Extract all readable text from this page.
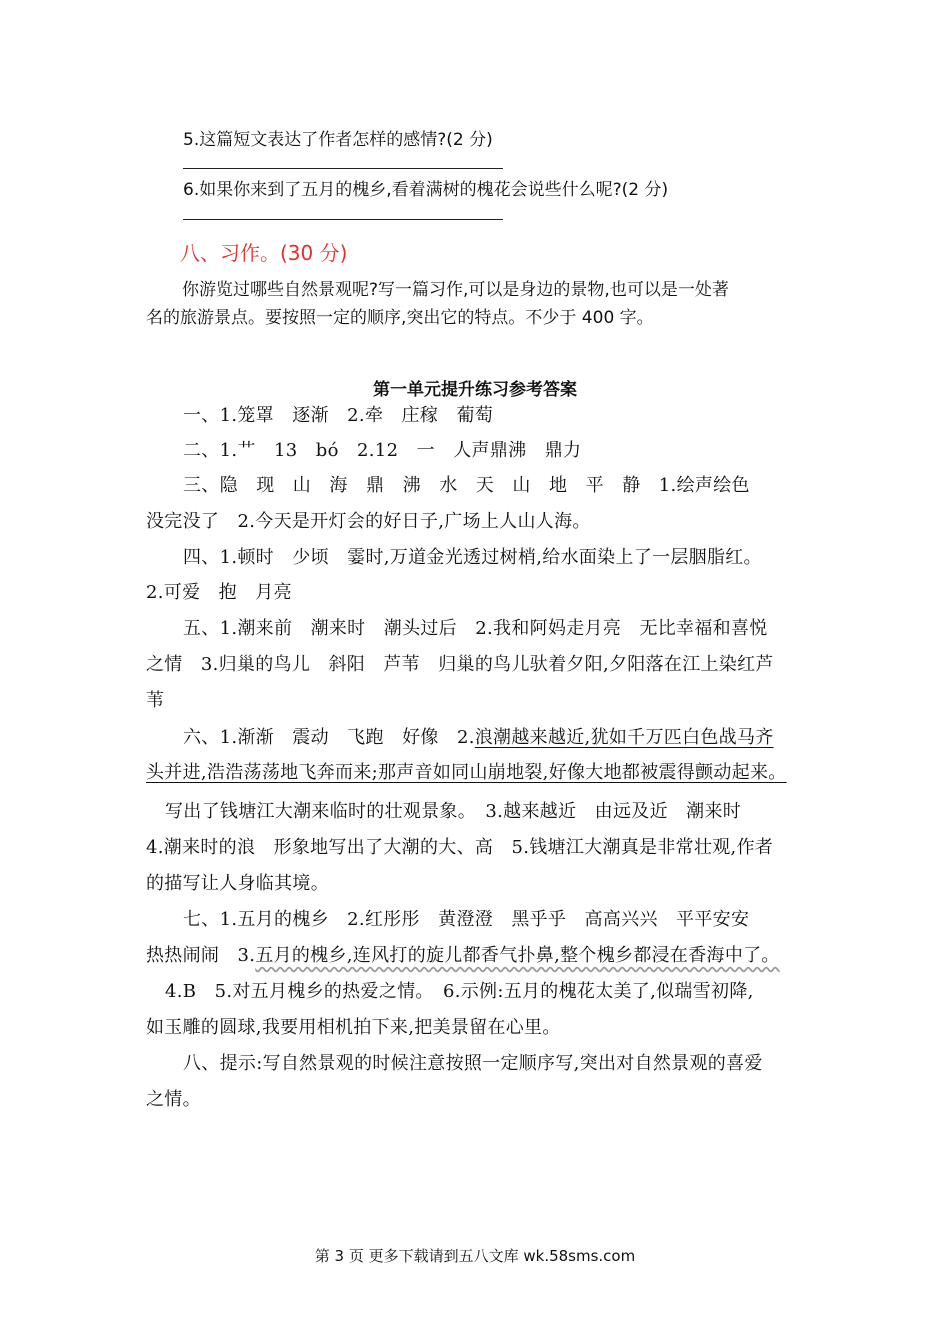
5.这篇短文表达了作者怎样的感情?(2 分)
6.如果你来到了五月的槐乡,看着满树的槐花会说些什么呢?(2 分)
八、习作。(30 分)
你游览过哪些自然景观呢?写一篇习作,可以是身边的景物,也可以是一处著
名的旅游景点。要按照一定的顺序,突出它的特点。不少于 400 字。
第一单元提升练习参考答案
一、1.笼罩　逐渐　2.牵　庄稼　葡萄
二、1.艹　13　bó　2.12　一　人声鼎沸　鼎力
三、隐　现　山　海　鼎　沸　水　天　山　地　平　静　1.绘声绘色
没完没了　2.今天是开灯会的好日子,广场上人山人海。
四、1.顿时　少顷　霎时,万道金光透过树梢,给水面染上了一层胭脂红。
2.可爱　抱　月亮
五、1.潮来前　潮来时　潮头过后　2.我和阿妈走月亮　无比幸福和喜悦
之情　3.归巢的鸟儿　斜阳　芦苇　归巢的鸟儿驮着夕阳,夕阳落在江上染红芦
苇
六、1.渐渐　震动　飞跑　好像　2.浪潮越来越近,犹如千万匹白色战马齐
头并进,浩浩荡荡地飞奔而来;那声音如同山崩地裂,好像大地都被震得颤动起来。
写出了钱塘江大潮来临时的壮观景象。　3.越来越近　由远及近　潮来时
4.潮来时的浪　形象地写出了大潮的大、高　5.钱塘江大潮真是非常壮观,作者
的描写让人身临其境。
七、1.五月的槐乡　2.红彤彤　黄澄澄　黑乎乎　高高兴兴　平平安安
热热闹闹　3.五月的槐乡,连风打的旋儿都香气扑鼻,整个槐乡都浸在香海中了。
4.B　5.对五月槐乡的热爱之情。　6.示例:五月的槐花太美了,似瑞雪初降,
如玉雕的圆球,我要用相机拍下来,把美景留在心里。
八、提示:写自然景观的时候注意按照一定顺序写,突出对自然景观的喜爱
之情。
第 3 页 更多下载请到五八文库 wk.58sms.com
